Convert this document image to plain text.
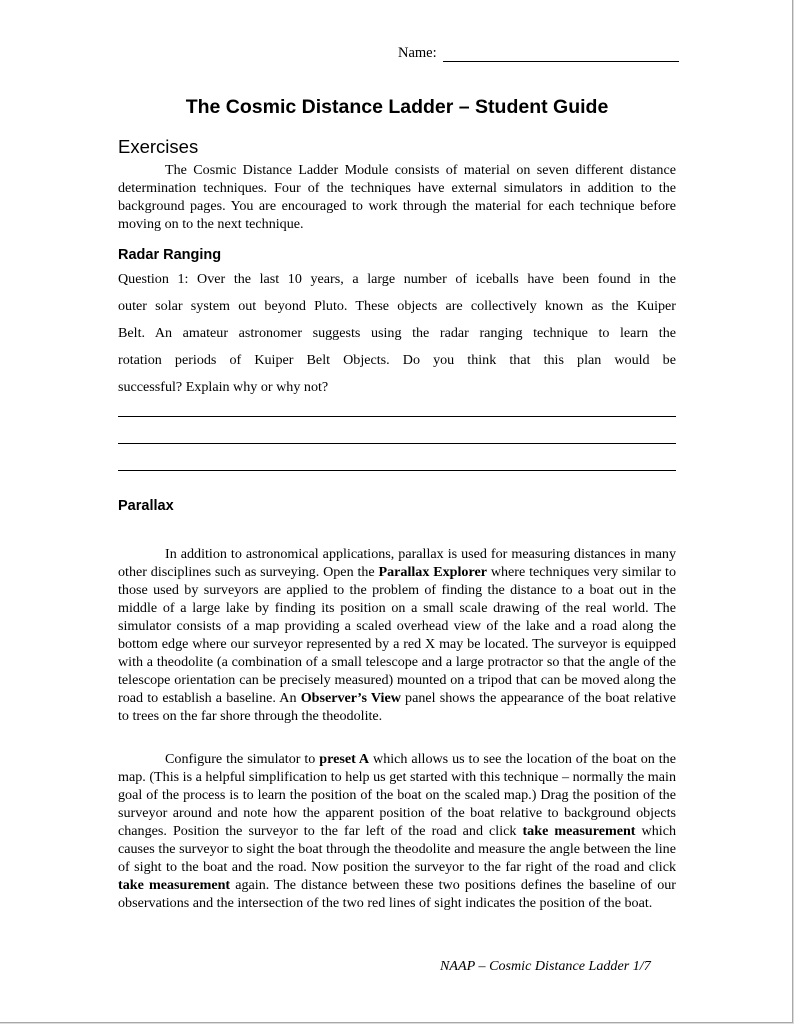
Name:
The Cosmic Distance Ladder – Student Guide
Exercises
The Cosmic Distance Ladder Module consists of material on seven different distance determination techniques. Four of the techniques have external simulators in addition to the background pages. You are encouraged to work through the material for each technique before moving on to the next technique.
Radar Ranging
Question 1: Over the last 10 years, a large number of iceballs have been found in the
outer solar system out beyond Pluto. These objects are collectively known as the Kuiper
Belt. An amateur astronomer suggests using the radar ranging technique to learn the
rotation periods of Kuiper Belt Objects. Do you think that this plan would be
successful? Explain why or why not?
Parallax
In addition to astronomical applications, parallax is used for measuring distances in many other disciplines such as surveying. Open the Parallax Explorer where techniques very similar to those used by surveyors are applied to the problem of finding the distance to a boat out in the middle of a large lake by finding its position on a small scale drawing of the real world. The simulator consists of a map providing a scaled overhead view of the lake and a road along the bottom edge where our surveyor represented by a red X may be located. The surveyor is equipped with a theodolite (a combination of a small telescope and a large protractor so that the angle of the telescope orientation can be precisely measured) mounted on a tripod that can be moved along the road to establish a baseline. An Observer’s View panel shows the appearance of the boat relative to trees on the far shore through the theodolite.
Configure the simulator to preset A which allows us to see the location of the boat on the map. (This is a helpful simplification to help us get started with this technique – normally the main goal of the process is to learn the position of the boat on the scaled map.) Drag the position of the surveyor around and note how the apparent position of the boat relative to background objects changes. Position the surveyor to the far left of the road and click take measurement which causes the surveyor to sight the boat through the theodolite and measure the angle between the line of sight to the boat and the road. Now position the surveyor to the far right of the road and click take measurement again. The distance between these two positions defines the baseline of our observations and the intersection of the two red lines of sight indicates the position of the boat.
NAAP – Cosmic Distance Ladder 1/7
